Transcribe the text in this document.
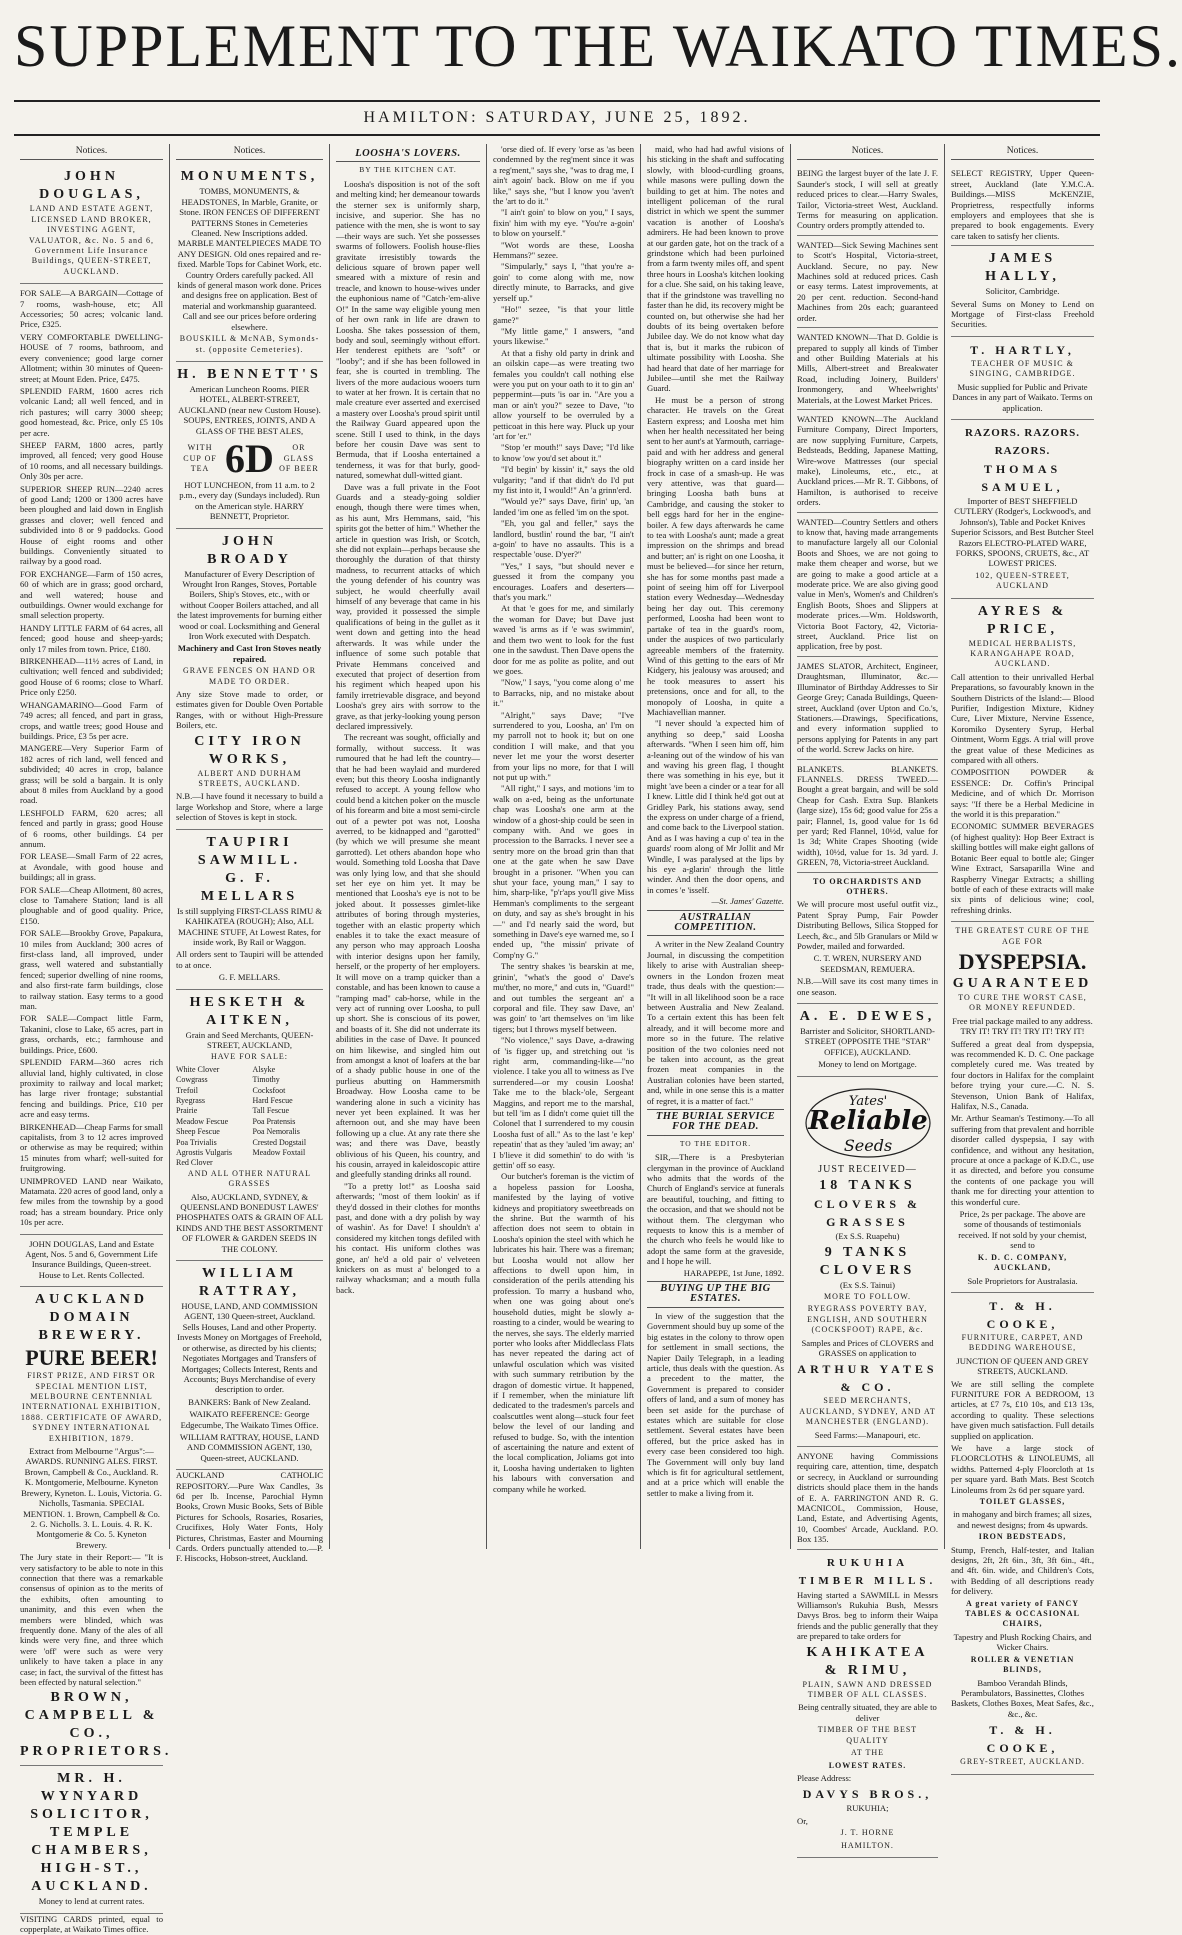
SUPPLEMENT TO THE WAIKATO TIMES.
HAMILTON: SATURDAY, JUNE 25, 1892.
Notices.
JOHN DOUGLAS,

LAND AND ESTATE AGENT, LICENSED LAND BROKER, INVESTING AGENT, VALUATOR, &c. No. 5 and 6, Government Life Insurance Buildings, QUEEN-STREET, AUCKLAND.

FOR SALE—A BARGAIN—Cottage of 7 rooms, wash-house, etc; All Accessories; 50 acres; volcanic land. Price, £325.

VERY COMFORTABLE DWELLING-HOUSE of 7 rooms, bathroom, and every convenience; good large corner Allotment; within 30 minutes of Queen-street; at Mount Eden. Price, £475.

SPLENDID FARM, 1600 acres rich volcanic Land; all well fenced, and in rich pastures; will carry 3000 sheep; good homestead, &c. Price, only £5 10s per acre.

SHEEP FARM, 1800 acres, partly improved, all fenced; very good House of 10 rooms, and all necessary buildings. Only 30s per acre.

SUPERIOR SHEEP RUN—2240 acres of good Land; 1200 or 1300 acres have been ploughed and laid down in English grasses and clover; well fenced and subdivided into 8 or 9 paddocks. Good House of eight rooms and other buildings. Conveniently situated to railway by a good road.

FOR EXCHANGE—Farm of 150 acres, 60 of which are in grass; good orchard, and well watered; house and outbuildings. Owner would exchange for small selection property.

HANDY LITTLE FARM of 64 acres, all fenced; good house and sheep-yards; only 17 miles from town. Price, £180.

BIRKENHEAD—11½ acres of Land, in cultivation; well fenced and subdivided; good House of 6 rooms; close to Wharf. Price only £250.

WHANGAMARINO—Good Farm of 749 acres; all fenced, and part in grass, crops, and wattle trees; good House and buildings. Price, £3 5s per acre.

MANGERE—Very Superior Farm of 182 acres of rich land, well fenced and subdivided; 40 acres in crop, balance grass; will be sold a bargain. It is only about 8 miles from Auckland by a good road.

LESHFOLD FARM, 620 acres; all fenced and partly in grass; good House of 6 rooms, other buildings. £4 per annum.

FOR LEASE—Small Farm of 22 acres, at Avondale, with good house and buildings; all in grass.

FOR SALE—Cheap Allotment, 80 acres, close to Tamahere Station; land is all ploughable and of good quality. Price, £150.

FOR SALE—Brookby Grove, Papakura, 10 miles from Auckland; 300 acres of first-class land, all improved, under grass, well watered and substantially fenced; superior dwelling of nine rooms, and also first-rate farm buildings, close to railway station. Easy terms to a good man.

FOR SALE—Compact little Farm, Takanini, close to Lake, 65 acres, part in grass, orchards, etc.; farmhouse and buildings. Price, £600.

SPLENDID FARM—360 acres rich alluvial land, highly cultivated, in close proximity to railway and local market; has large river frontage; substantial fencing and buildings. Price, £10 per acre and easy terms.

BIRKENHEAD—Cheap Farms for small capitalists, from 3 to 12 acres improved or otherwise as may be required; within 15 minutes from wharf; well-suited for fruitgrowing.

UNIMPROVED LAND near Waikato, Matamata. 220 acres of good land, only a few miles from the township by a good road; has a stream boundary. Price only 10s per acre.

JOHN DOUGLAS, Land and Estate Agent, Nos. 5 and 6, Government Life Insurance Buildings, Queen-street. House to Let. Rents Collected.

AUCKLAND DOMAIN BREWERY.
PURE BEER!

FIRST PRIZE, AND FIRST OR SPECIAL MENTION LIST, MELBOURNE CENTENNIAL INTERNATIONAL EXHIBITION, 1888. CERTIFICATE OF AWARD, SYDNEY INTERNATIONAL EXHIBITION, 1879.

Extract from Melbourne "Argus":— AWARDS. RUNNING ALES. FIRST. Brown, Campbell & Co., Auckland. R. K. Montgomerie, Melbourne. Kyneton Brewery, Kyneton. L. Louis, Victoria. G. Nicholls, Tasmania. SPECIAL MENTION. 1. Brown, Campbell & Co. 2. G. Nicholls. 3. L. Louis. 4. R. K. Montgomerie & Co. 5. Kyneton Brewery.

The Jury state in their Report:— "It is very satisfactory to be able to note in this connection that there was a remarkable consensus of opinion as to the merits of the exhibits, often amounting to unanimity, and this even when the members were blinded, which was frequently done. Many of the ales of all kinds were very fine, and three which were 'off' were such as were very unlikely to have taken a place in any case; in fact, the survival of the fittest has been effected by natural selection."

BROWN, CAMPBELL & CO., PROPRIETORS.
MR. H. WYNYARD SOLICITOR, TEMPLE CHAMBERS, HIGH-ST., AUCKLAND.

Money to lend at current rates.

VISITING CARDS printed, equal to copperplate, at Waikato Times office.

Notices.
MONUMENTS,

TOMBS, MONUMENTS, & HEADSTONES, In Marble, Granite, or Stone. IRON FENCES OF DIFFERENT PATTERNS Stones in Cemeteries Cleaned. New Inscriptions added. MARBLE MANTELPIECES MADE TO ANY DESIGN. Old ones repaired and re-fixed. Marble Tops for Cabinet Work, etc. Country Orders carefully packed. All kinds of general mason work done. Prices and designs free on application. Best of material and workmanship guaranteed. Call and see our prices before ordering elsewhere.

BOUSKILL & McNAB, Symonds-st. (opposite Cemeteries).

H. BENNETT'S

American Luncheon Rooms. PIER HOTEL, ALBERT-STREET, AUCKLAND (near new Custom House). SOUPS, ENTREES, JOINTS, AND A GLASS OF THE BEST ALES,

WITH CUP OF TEA 6D	OR GLASS OF BEER

HOT LUNCHEON, from 11 a.m. to 2 p.m., every day (Sundays included). Run on the American style. HARRY BENNETT, Proprietor.

JOHN BROADY

Manufacturer of Every Description of Wrought Iron Ranges, Stoves, Portable Boilers, Ship's Stoves, etc., with or without Cooper Boilers attached, and all the latest improvements for burning either wood or coal. Locksmithing and General Iron Work executed with Despatch.

Machinery and Cast Iron Stoves neatly repaired.

GRAVE FENCES ON HAND OR MADE TO ORDER.

Any size Stove made to order, or estimates given for Double Oven Portable Ranges, with or without High-Pressure Boilers, etc.

CITY IRON WORKS,

ALBERT AND DURHAM STREETS, AUCKLAND.

N.B.—I have found it necessary to build a large Workshop and Store, where a large selection of Stoves is kept in stock.

TAUPIRI SAWMILL.
G. F. MELLARS

Is still supplying FIRST-CLASS RIMU & KAHIKATEA (ROUGH); Also, ALL MACHINE STUFF, At Lowest Rates, for inside work, By Rail or Waggon.

All orders sent to Taupiri will be attended to at once.

G. F. MELLARS.

HESKETH & AITKEN,

Grain and Seed Merchants, QUEEN-STREET, AUCKLAND,

HAVE FOR SALE:

White Clover
Cowgrass
Trefoil
Ryegrass
Prairie
Meadow Fescue
Sheep Fescue
Poa Trivialis
Agrostis Vulgaris
Red Clover
Alsyke
Timothy
Cocksfoot
Hard Fescue
Tall Fescue
Poa Pratensis
Poa Nemoralis
Crested Dogstail
Meadow Foxtail

AND ALL OTHER NATURAL GRASSES

Also, AUCKLAND, SYDNEY, & QUEENSLAND BONEDUST LAWES' PHOSPHATES OATS & GRAIN OF ALL KINDS AND THE BEST ASSORTMENT OF FLOWER & GARDEN SEEDS IN THE COLONY.

WILLIAM RATTRAY,

HOUSE, LAND, AND COMMISSION AGENT, 130 Queen-street, Auckland. Sells Houses, Land and other Property. Invests Money on Mortgages of Freehold, or otherwise, as directed by his clients; Negotiates Mortgages and Transfers of Mortgages; Collects Interest, Rents and Accounts; Buys Merchandise of every description to order.

BANKERS: Bank of New Zealand.

WAIKATO REFERENCE: George Edgecumbe, The Waikato Times Office.

WILLIAM RATTRAY, HOUSE, LAND AND COMMISSION AGENT, 130, Queen-street, AUCKLAND.

AUCKLAND CATHOLIC REPOSITORY.—Pure Wax Candles, 3s 6d per lb. Incense, Parochial Hymn Books, Crown Music Books, Sets of Bible Pictures for Schools, Rosaries, Rosaries, Crucifixes, Holy Water Fonts, Holy Pictures, Christmas, Easter and Mourning Cards. Orders punctually attended to.—P. F. Hiscocks, Hobson-street, Auckland.

LOOSHA'S LOVERS.
BY THE KITCHEN CAT.

Loosha's disposition is not of the soft and melting kind; her demeanour towards the sterner sex is uniformly sharp, incisive, and superior. She has no patience with the men, she is wont to say—their ways are such. Yet she possesses swarms of followers. Foolish house-flies gravitate irresistibly towards the delicious square of brown paper well smeared with a mixture of resin and treacle, and known to house-wives under the euphonious name of "Catch-'em-alive O!" In the same way eligible young men of her own rank in life are drawn to Loosha. She takes possession of them, body and soul, seemingly without effort. Her tenderest epithets are "soft" or "looby"; and if she has been followed in fear, she is courted in trembling. The livers of the more audacious wooers turn to water at her frown. It is certain that no male creature ever asserted and exercised a mastery over Loosha's proud spirit until the Railway Guard appeared upon the scene. Still I used to think, in the days before her cousin Dave was sent to Bermuda, that if Loosha entertained a tenderness, it was for that burly, good-natured, somewhat dull-witted giant.

Dave was a full private in the Foot Guards and a steady-going soldier enough, though there were times when, as his aunt, Mrs Hemmans, said, "his spirits got the better of him." Whether the article in question was Irish, or Scotch, she did not explain—perhaps because she thoroughly the duration of that thirsty madness, to recurrent attacks of which the young defender of his country was subject, he would cheerfully avail himself of any beverage that came in his way, provided it possessed the simple qualifications of being in the gullet as it went down and getting into the head afterwards. It was while under the influence of some such potable that Private Hemmans conceived and executed that project of desertion from his regiment which heaped upon his family irretrievable disgrace, and beyond Loosha's grey airs with sorrow to the grave, as that jerky-looking young person declared impressively.

The recreant was sought, officially and formally, without success. It was rumoured that he had left the country—that he had been waylaid and murdered even; but this theory Loosha indignantly refused to accept. A young fellow who could bend a kitchen poker on the muscle of his forearm and bite a most semi-circle out of a pewter pot was not, Loosha averred, to be kidnapped and "garotted" (by which we will presume she meant garrotted). Let others abandon hope who would. Something told Loosha that Dave was only lying low, and that she should set her eye on him yet. It may be mentioned that Loosha's eye is not to be joked about. It possesses gimlet-like attributes of boring through mysteries, together with an elastic property which enables it to take the exact measure of any person who may approach Loosha with interior designs upon her family, herself, or the property of her employers. It will move on a tramp quicker than a constable, and has been known to cause a "ramping mad" cab-horse, while in the very act of running over Loosha, to pull up short. She is conscious of its power, and boasts of it. She did not underrate its abilities in the case of Dave. It pounced on him likewise, and singled him out from amongst a knot of loafers at the bar of a shady public house in one of the purlieus abutting on Hammersmith Broadway. How Loosha came to be wandering alone in such a vicinity has never yet been explained. It was her afternoon out, and she may have been following up a clue. At any rate there she was; and there was Dave, beastly oblivious of his Queen, his country, and his cousin, arrayed in kaleidoscopic attire and gleefully standing drinks all round.

"To a pretty lot!" as Loosha said afterwards; "most of them lookin' as if they'd dossed in their clothes for months past, and done with a dry polish by way of washin'. As for Dave! I shouldn't a' considered my kitchen tongs defiled with his contact. His uniform clothes was gone, an' he'd a old pair o' velveteen knickers on as must a' belonged to a railway whacksman; and a mouth fulla back.

'orse died of. If every 'orse as 'as been condemned by the reg'ment since it was a reg'ment," says she, "was to drag me, I ain't agoin' back. Blow on me if you like," says she, "but I know you 'aven't the 'art to do it."

"I ain't goin' to blow on you," I says, fixin' him with my eye. "You're a-goin' to blow on yourself."

"Wot words are these, Loosha Hemmans?" sezee.

"Simpularly," says I, "that you're a-goin' to come along with me, now directly minute, to Barracks, and give yerself up."

"Ho!" sezee, "is that your little game?"

"My little game," I answers, "and yours likewise."

At that a fishy old party in drink and an oilskin cape—as were treating two females you couldn't call nothing else were you put on your oath to it to gin an' peppermint—puts 'is oar in. "Are you a man or ain't you?" sezee to Dave, "to allow yourself to be overruled by a petticoat in this here way. Pluck up your 'art for 'er."

"Stop 'er mouth!" says Dave; "I'd like to know 'ow you'd set about it."

"I'd begin' by kissin' it," says the old vulgarity; "and if that didn't do I'd put my fist into it, I would!" An 'a grinn'erd.

"Would ye?" says Dave, firin' up, 'an landed 'im one as felled 'im on the spot.

"Eh, you gal and feller," says the landlord, bustlin' round the bar, "I ain't a-goin' to have no assaults. This is a respectable 'ouse. D'yer?"

"Yes," I says, "but should never e guessed it from the company you encourages. Loafers and deserters—that's you mark."

At that 'e goes for me, and similarly the woman for Dave; but Dave just waved 'is arms as if 'e was swimmin', and them two went to look for the fust one in the sawdust. Then Dave opens the door for me as polite as polite, and out we goes.

"Now," I says, "you come along o' me to Barracks, nip, and no mistake about it."

"Alright," says Dave; "I've surrendered to you, Loosha, an' I'm on my parroll not to hook it; but on one condition I will make, and that you never let me your the worst deserter from your lips no more, for that I will not put up with."

"All right," I says, and motions 'im to walk on a-ed, being as the unfortunate chap was Loosha's one arm at the window of a ghost-ship could be seen in company with. And we goes in procession to the Barracks. I never see a sentry more on the broad grin than that one at the gate when he saw Dave brought in a prisoner. "When you can shut your face, young man," I say to him, sharp-like, "p'r'aps you'll give Miss Hemman's compliments to the sergeant on duty, and say as she's brought in his—" and I'd nearly said the word, but something in Dave's eye warned me, so I ended up, "the missin' private of Comp'ny G."

The sentry shakes 'is bearskin at me, grinin', "what's the good o' Dave's mu'ther, no more," and cuts in, "Guard!" and out tumbles the sergeant an' a corporal and file. They saw Dave, an' was goin' to 'art themselves on 'im like tigers; but I throws myself between.

"No violence," says Dave, a-drawing of 'is figger up, and stretching out 'is right arm, commanding-like—"no violence. I take you all to witness as I've surrendered—or my cousin Loosha! Take me to the black-'ole, Sergeant Maggins, and report me to the marshal, but tell 'im as I didn't come quiet till the Colonel that I surrendered to my cousin Loosha fust of all." As to the last 'e kep' repeatin' that as they 'auled 'im away; an' I b'lieve it did somethin' to do with 'is gettin' off so easy.

Our butcher's foreman is the victim of a hopeless passion for Loosha, manifested by the laying of votive kidneys and propitiatory sweetbreads on the shrine. But the warmth of his affection does not seem to obtain in Loosha's opinion the steel with which he lubricates his hair. There was a fireman; but Loosha would not allow her affections to dwell upon him, in consideration of the perils attending his profession. To marry a husband who, when one was going about one's household duties, might be slowly a-roasting to a cinder, would be wearing to the nerves, she says. The elderly married porter who looks after Middleclass Flats has never repeated the daring act of unlawful osculation which was visited with such summary retribution by the dragon of domestic virtue. It happened, if I remember, when the miniature lift dedicated to the tradesmen's parcels and coalscuttles went along—stuck four feet below the level of our landing and refused to budge. So, with the intention of ascertaining the nature and extent of the local complication, Joliams got into it, Loosha having undertaken to lighten his labours with conversation and company while he worked.

maid, who had had awful visions of his sticking in the shaft and suffocating slowly, with blood-curdling groans, while masons were pulling down the building to get at him. The notes and intelligent policeman of the rural district in which we spent the summer vacation is another of Loosha's admirers. He had been known to prove at our garden gate, hot on the track of a grindstone which had been purloined from a farm twenty miles off, and spent three hours in Loosha's kitchen looking for a clue. She said, on his taking leave, that if the grindstone was travelling no faster than he did, its recovery might be counted on, but otherwise she had her doubts of its being overtaken before Jubilee day. We do not know what day that is, but it marks the rubicon of ultimate possibility with Loosha. She had heard that date of her marriage for Jubilee—until she met the Railway Guard.

He must be a person of strong character. He travels on the Great Eastern express; and Loosha met him when her health necessitated her being sent to her aunt's at Yarmouth, carriage-paid and with her address and general biography written on a card inside her frock in case of a smash-up. He was very attentive, was that guard—bringing Loosha bath buns at Cambridge, and causing the stoker to bell eggs hard for her in the engine-boiler. A few days afterwards he came to tea with Loosha's aunt; made a great impression on the shrimps and bread and butter; an' is right on one Loosha, it must be believed—for since her return, she has for some months past made a point of seeing him off for Liverpool station every Wednesday—Wednesday being her day out. This ceremony performed, Loosha had been wont to partake of tea in the guard's room, under the auspices of two particularly agreeable members of the fraternity. Wind of this getting to the ears of Mr Kidgery, his jealousy was aroused; and he took measures to assert his pretensions, once and for all, to the monopoly of Loosha, in quite a Machiavellian manner.

"I never should 'a expected him of anything so deep," said Loosha afterwards. "When I seen him off, him a-leaning out of the window of his van and waving his green flag, I thought there was something in his eye, but it might 'ave been a cinder or a tear for all I knew. Little did I think he'd got out at Gridley Park, his stations away, send the express on under charge of a friend, and come back to the Liverpool station. And as I was having a cup o' tea in the guards' room along of Mr Jollit and Mr Windle, I was paralysed at the lips by his eye a-glarin' through the little winder. And then the door opens, and in comes 'e 'isself.

—St. James' Gazette.

AUSTRALIAN COMPETITION.

A writer in the New Zealand Country Journal, in discussing the competition likely to arise with Australian sheep-owners in the London frozen meat trade, thus deals with the question:— "It will in all likelihood soon be a race between Australia and New Zealand. To a certain extent this has been felt already, and it will become more and more so in the future. The relative position of the two colonies need not be taken into account, as the great frozen meat companies in the Australian colonies have been started, and, while in one sense this is a matter of regret, it is a matter of fact."

THE BURIAL SERVICE FOR THE DEAD.
TO THE EDITOR.

SIR,—There is a Presbyterian clergyman in the province of Auckland who admits that the words of the Church of England's service at funerals are beautiful, touching, and fitting to the occasion, and that we should not be without them. The clergyman who requests to know this is a member of the church who feels he would like to adopt the same form at the graveside, and I hope he will.

HARAPEPE, 1st June, 1892.

BUYING UP THE BIG ESTATES.

In view of the suggestion that the Government should buy up some of the big estates in the colony to throw open for settlement in small sections, the Napier Daily Telegraph, in a leading article, thus deals with the question. As a precedent to the matter, the Government is prepared to consider offers of land, and a sum of money has been set aside for the purchase of estates which are suitable for close settlement. Several estates have been offered, but the price asked has in every case been considered too high. The Government will only buy land which is fit for agricultural settlement, and at a price which will enable the settler to make a living from it.

Notices.
BEING the largest buyer of the late J. F. Saunder's stock, I will sell at greatly reduced prices to clear.—Harry Swales, Tailor, Victoria-street West, Auckland. Terms for measuring on application. Country orders promptly attended to.
WANTED—Sick Sewing Machines sent to Scott's Hospital, Victoria-street, Auckland. Secure, no pay. New Machines sold at reduced prices. Cash or easy terms. Latest improvements, at 20 per cent. reduction. Second-hand Machines from 20s each; guaranteed order.
WANTED KNOWN—That D. Goldie is prepared to supply all kinds of Timber and other Building Materials at his Mills, Albert-street and Breakwater Road, including Joinery, Builders' Ironmongery, and Wheelwrights' Materials, at the Lowest Market Prices.
WANTED KNOWN—The Auckland Furniture Company, Direct Importers, are now supplying Furniture, Carpets, Bedsteads, Bedding, Japanese Matting, Wire-wove Mattresses (our special make), Linoleums, etc., etc., at Auckland prices.—Mr R. T. Gibbons, of Hamilton, is authorised to receive orders.
WANTED—Country Settlers and others to know that, having made arrangements to manufacture largely all our Colonial Boots and Shoes, we are not going to make them cheaper and worse, but we are going to make a good article at a moderate price. We are also giving good value in Men's, Women's and Children's English Boots, Shoes and Slippers at moderate prices.—Wm. Holdsworth, Victoria Boot Factory, 42, Victoria-street, Auckland. Price list on application, free by post.
JAMES SLATOR, Architect, Engineer, Draughtsman, Illuminator, &c.—Illuminator of Birthday Addresses to Sir George Grey; Canada Buildings, Queen-street, Auckland (over Upton and Co.'s, Stationers.—Drawings, Specifications, and every information supplied to persons applying for Patents in any part of the world. Screw Jacks on hire.
BLANKETS. BLANKETS. FLANNELS. DRESS TWEED.—Bought a great bargain, and will be sold Cheap for Cash. Extra Sup. Blankets (large size), 15s 6d; good value for 25s a pair; Flannel, 1s, good value for 1s 6d per yard; Red Flannel, 10½d, value for 1s 3d; White Crapes Shooting (wide width), 10½d, value for 1s. 3d yard. J. GREEN, 78, Victoria-street Auckland.

TO ORCHARDISTS AND OTHERS.

We will procure most useful outfit viz., Patent Spray Pump, Fair Powder Distributing Bellows, Silica Stopped for Leech, &c., and 5lb Granulars or Mild w Powder, mailed and forwarded.

C. T. WREN, NURSERY AND SEEDSMAN, REMUERA.

N.B.—Will save its cost many times in one season.

A. E. DEWES,

Barrister and Solicitor, SHORTLAND-STREET (OPPOSITE THE "STAR" OFFICE), AUCKLAND.

Money to lend on Mortgage.

Yates'
Reliable
Seeds

JUST RECEIVED—

18 TANKS
CLOVERS & GRASSES

(Ex S.S. Ruapehu)

9 TANKS
CLOVERS

(Ex S.S. Tainui)

MORE TO FOLLOW.

RYEGRASS POVERTY BAY, ENGLISH, AND SOUTHERN (COCKSFOOT) RAPE, &c.

Samples and Prices of CLOVERS and GRASSES on application to

ARTHUR YATES & CO.

SEED MERCHANTS, AUCKLAND, SYDNEY, AND AT MANCHESTER (ENGLAND).

Seed Farms:—Manapouri, etc.

ANYONE having Commissions requiring care, attention, time, despatch or secrecy, in Auckland or surrounding districts should place them in the hands of E. A. FARRINGTON AND R. G. MACNICOL, Commission, House, Land, Estate, and Advertising Agents, 10, Coombes' Arcade, Auckland. P.O. Box 135.
RUKUHIA TIMBER MILLS.

Having started a SAWMILL in Messrs Williamson's Rukuhia Bush, Messrs Davys Bros. beg to inform their Waipa friends and the public generally that they are prepared to take orders for

KAHIKATEA & RIMU,

PLAIN, SAWN AND DRESSED TIMBER OF ALL CLASSES.

Being centrally situated, they are able to deliver

TIMBER OF THE BEST QUALITY

AT THE

LOWEST RATES.

Please Address:

DAVYS BROS.,

RUKUHIA;

Or,

J. T. HORNE

HAMILTON.

Notices.
SELECT REGISTRY, Upper Queen-street, Auckland (late Y.M.C.A. Buildings.—MISS McKENZIE, Proprietress, respectfully informs employers and employees that she is prepared to book engagements. Every care taken to satisfy her clients.
JAMES HALLY,

Solicitor, Cambridge.

Several Sums on Money to Lend on Mortgage of First-class Freehold Securities.

T. HARTLY,

TEACHER OF MUSIC & SINGING, CAMBRIDGE.

Music supplied for Public and Private Dances in any part of Waikato. Terms on application.

RAZORS. RAZORS. RAZORS.
THOMAS SAMUEL,

Importer of BEST SHEFFIELD CUTLERY (Rodger's, Lockwood's, and Johnson's), Table and Pocket Knives Superior Scissors, and Best Butcher Steel Razors ELECTRO-PLATED WARE, FORKS, SPOONS, CRUETS, &c., AT LOWEST PRICES.

102, QUEEN-STREET, AUCKLAND

AYRES & PRICE,

MEDICAL HERBALISTS, KARANGAHAPE ROAD, AUCKLAND.

Call attention to their unrivalled Herbal Preparations, so favourably known in the Southern Districts of the Island:— Blood Purifier, Indigestion Mixture, Kidney Cure, Liver Mixture, Nervine Essence, Koromiko Dysentery Syrup, Herbal Ointment, Worm Eggs. A trial will prove the great value of these Medicines as compared with all others.

COMPOSITION POWDER & ESSENCE: Dr. Coffin's Principal Medicine, and of which Dr. Morrison says: "If there be a Herbal Medicine in the world it is this preparation."

ECONOMIC SUMMER BEVERAGES (of highest quality): Hop Beer Extract is skilling bottles will make eight gallons of Botanic Beer equal to bottle ale; Ginger Wine Extract, Sarsaparilla Wine and Raspberry Vinegar Extracts; a shilling bottle of each of these extracts will make six pints of delicious wine; cool, refreshing drinks.

THE GREATEST CURE OF THE AGE FOR

DYSPEPSIA.
GUARANTEED

TO CURE THE WORST CASE, OR MONEY REFUNDED.

Free trial package mailed to any address. TRY IT! TRY IT! TRY IT! TRY IT!

Suffered a great deal from dyspepsia, was recommended K. D. C. One package completely cured me. Was treated by four doctors in Halifax for the complaint before trying your cure.—C. N. S. Stevenson, Union Bank of Halifax, Halifax, N.S., Canada.

Mr. Arthur Seaman's Testimony.—To all suffering from that prevalent and horrible disorder called dyspepsia, I say with confidence, and without any hesitation, procure at once a package of K.D.C., use it as directed, and before you consume the contents of one package you will thank me for directing your attention to this wonderful cure.

Price, 2s per package. The above are some of thousands of testimonials received. If not sold by your chemist, send to

K. D. C. COMPANY, AUCKLAND,

Sole Proprietors for Australasia.

T. & H. COOKE,

FURNITURE, CARPET, AND BEDDING WAREHOUSE,

JUNCTION OF QUEEN AND GREY STREETS, AUCKLAND.

We are still selling the complete FURNITURE FOR A BEDROOM, 13 articles, at £7 7s, £10 10s, and £13 13s, according to quality. These selections have given much satisfaction. Full details supplied on application.

We have a large stock of FLOORCLOTHS & LINOLEUMS, all widths. Patterned 4-ply Floorcloth at 1s per square yard. Bath Mats. Best Scotch Linoleums from 2s 6d per square yard.

TOILET GLASSES,

in mahogany and birch frames; all sizes, and newest designs; from 4s upwards.

IRON BEDSTEADS,

Stump, French, Half-tester, and Italian designs, 2ft, 2ft 6in., 3ft, 3ft 6in., 4ft., and 4ft. 6in. wide, and Children's Cots, with Bedding of all descriptions ready for delivery.

A great variety of FANCY TABLES & OCCASIONAL CHAIRS,

Tapestry and Plush Rocking Chairs, and Wicker Chairs.

ROLLER & VENETIAN BLINDS,

Bamboo Verandah Blinds, Perambulators, Bassinettes, Clothes Baskets, Clothes Boxes, Meat Safes, &c., &c., &c.

T. & H. COOKE,

GREY-STREET, AUCKLAND.
